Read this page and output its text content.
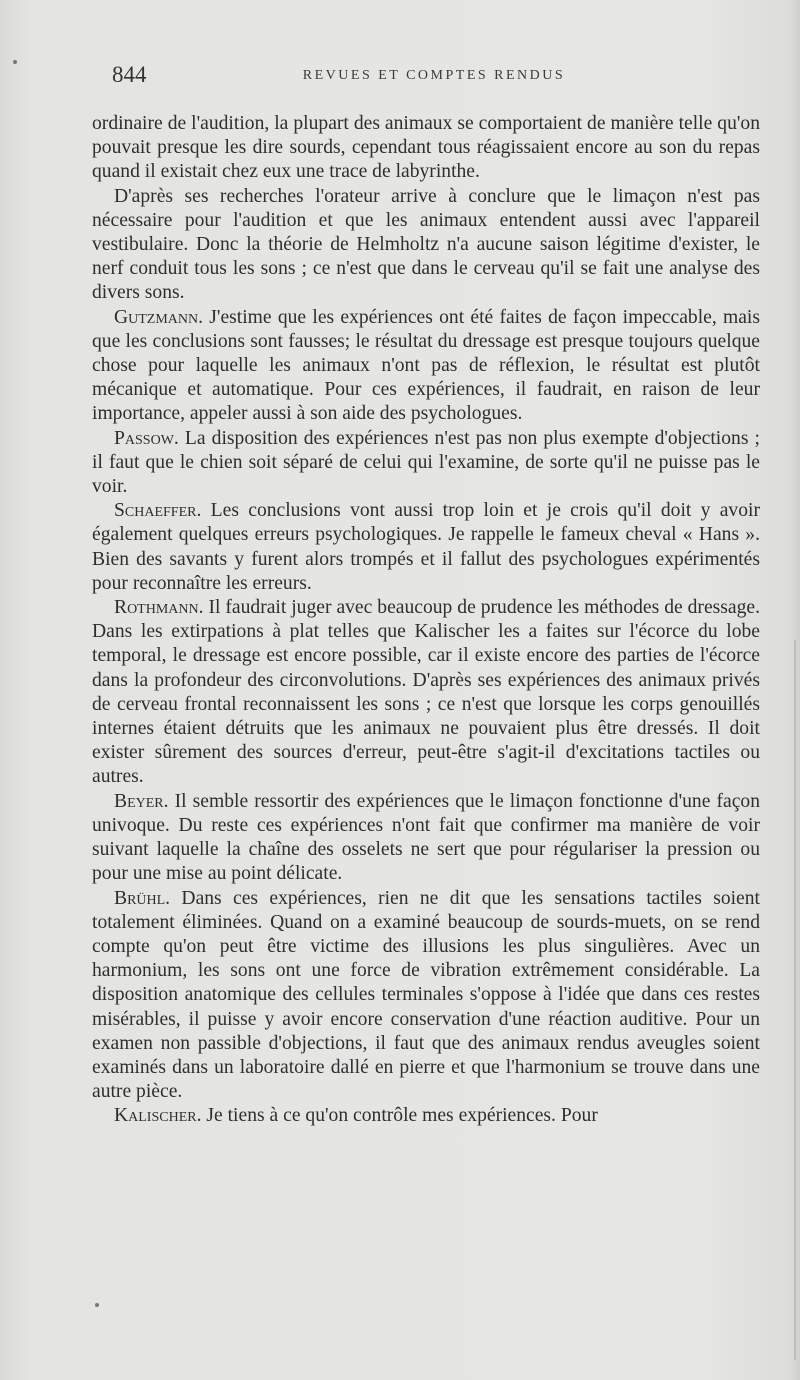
844	REVUES ET COMPTES RENDUS

ordinaire de l'audition, la plupart des animaux se comportaient de manière telle qu'on pouvait presque les dire sourds, cependant tous réagissaient encore au son du repas quand il existait chez eux une trace de labyrinthe.

D'après ses recherches l'orateur arrive à conclure que le limaçon n'est pas nécessaire pour l'audition et que les animaux entendent aussi avec l'appareil vestibulaire. Donc la théorie de Helmholtz n'a aucune saison légitime d'exister, le nerf conduit tous les sons ; ce n'est que dans le cerveau qu'il se fait une analyse des divers sons.

Gutzmann. J'estime que les expériences ont été faites de façon impeccable, mais que les conclusions sont fausses; le résultat du dressage est presque toujours quelque chose pour laquelle les animaux n'ont pas de réflexion, le résultat est plutôt mécanique et automatique. Pour ces expériences, il faudrait, en raison de leur importance, appeler aussi à son aide des psychologues.

Passow. La disposition des expériences n'est pas non plus exempte d'objections ; il faut que le chien soit séparé de celui qui l'examine, de sorte qu'il ne puisse pas le voir.

Schaeffer. Les conclusions vont aussi trop loin et je crois qu'il doit y avoir également quelques erreurs psychologiques. Je rappelle le fameux cheval « Hans ». Bien des savants y furent alors trompés et il fallut des psychologues expérimentés pour reconnaître les erreurs.

Rothmann. Il faudrait juger avec beaucoup de prudence les méthodes de dressage. Dans les extirpations à plat telles que Kalischer les a faites sur l'écorce du lobe temporal, le dressage est encore possible, car il existe encore des parties de l'écorce dans la profondeur des circonvolutions. D'après ses expériences des animaux privés de cerveau frontal reconnaissent les sons ; ce n'est que lorsque les corps genouillés internes étaient détruits que les animaux ne pouvaient plus être dressés. Il doit exister sûrement des sources d'erreur, peut-être s'agit-il d'excitations tactiles ou autres.

Beyer. Il semble ressortir des expériences que le limaçon fonctionne d'une façon univoque. Du reste ces expériences n'ont fait que confirmer ma manière de voir suivant laquelle la chaîne des osselets ne sert que pour régulariser la pression ou pour une mise au point délicate.

Brühl. Dans ces expériences, rien ne dit que les sensations tactiles soient totalement éliminées. Quand on a examiné beaucoup de sourds-muets, on se rend compte qu'on peut être victime des illusions les plus singulières. Avec un harmonium, les sons ont une force de vibration extrêmement considérable. La disposition anatomique des cellules terminales s'oppose à l'idée que dans ces restes misérables, il puisse y avoir encore conservation d'une réaction auditive. Pour un examen non passible d'objections, il faut que des animaux rendus aveugles soient examinés dans un laboratoire dallé en pierre et que l'harmonium se trouve dans une autre pièce.

Kalischer. Je tiens à ce qu'on contrôle mes expériences. Pour
